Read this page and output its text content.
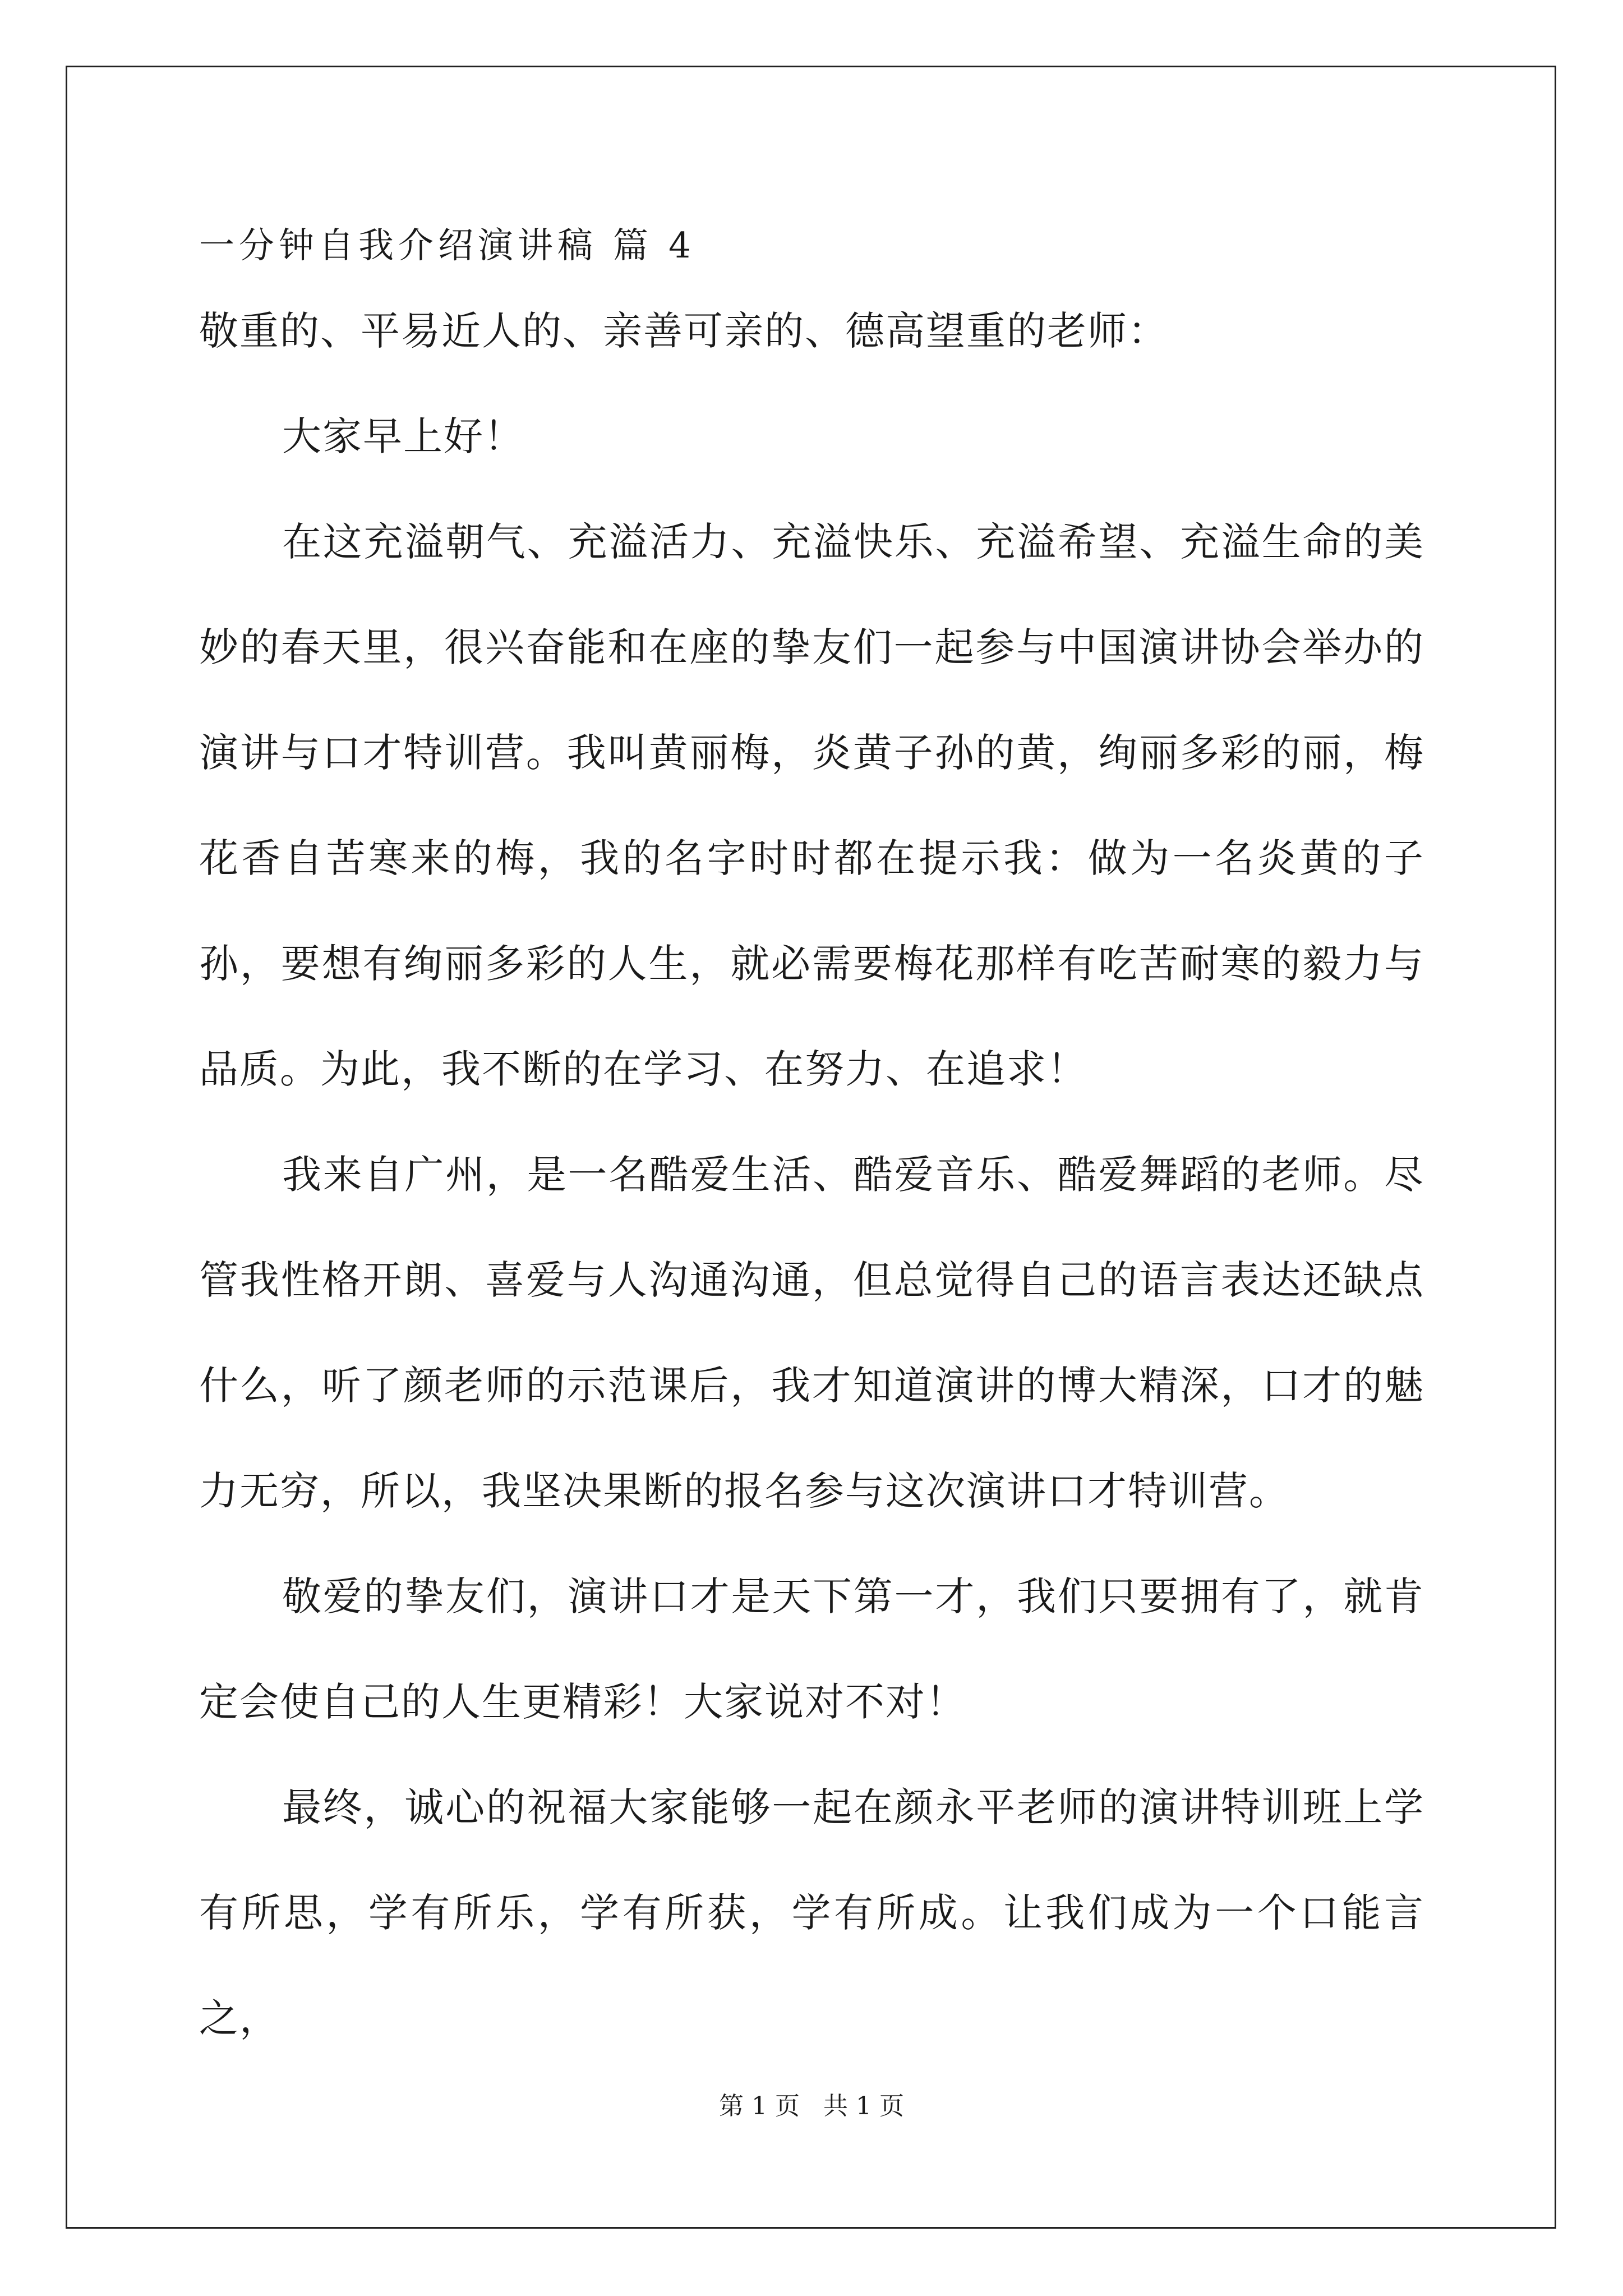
一分钟自我介绍演讲稿 篇 4

敬重的、平易近人的、亲善可亲的、德高望重的老师：

大家早上好！

在这充溢朝气、充溢活力、充溢快乐、充溢希望、充溢生命的美妙的春天里，很兴奋能和在座的挚友们一起参与中国演讲协会举办的演讲与口才特训营。我叫黄丽梅，炎黄子孙的黄，绚丽多彩的丽，梅花香自苦寒来的梅，我的名字时时都在提示我：做为一名炎黄的子孙，要想有绚丽多彩的人生，就必需要梅花那样有吃苦耐寒的毅力与品质。为此，我不断的在学习、在努力、在追求！

我来自广州，是一名酷爱生活、酷爱音乐、酷爱舞蹈的老师。尽管我性格开朗、喜爱与人沟通沟通，但总觉得自己的语言表达还缺点什么，听了颜老师的示范课后，我才知道演讲的博大精深，口才的魅力无穷，所以，我坚决果断的报名参与这次演讲口才特训营。

敬爱的挚友们，演讲口才是天下第一才，我们只要拥有了，就肯定会使自己的人生更精彩！大家说对不对！

最终，诚心的祝福大家能够一起在颜永平老师的演讲特训班上学有所思，学有所乐，学有所获，学有所成。让我们成为一个口能言之，

第 1 页   共 1 页
